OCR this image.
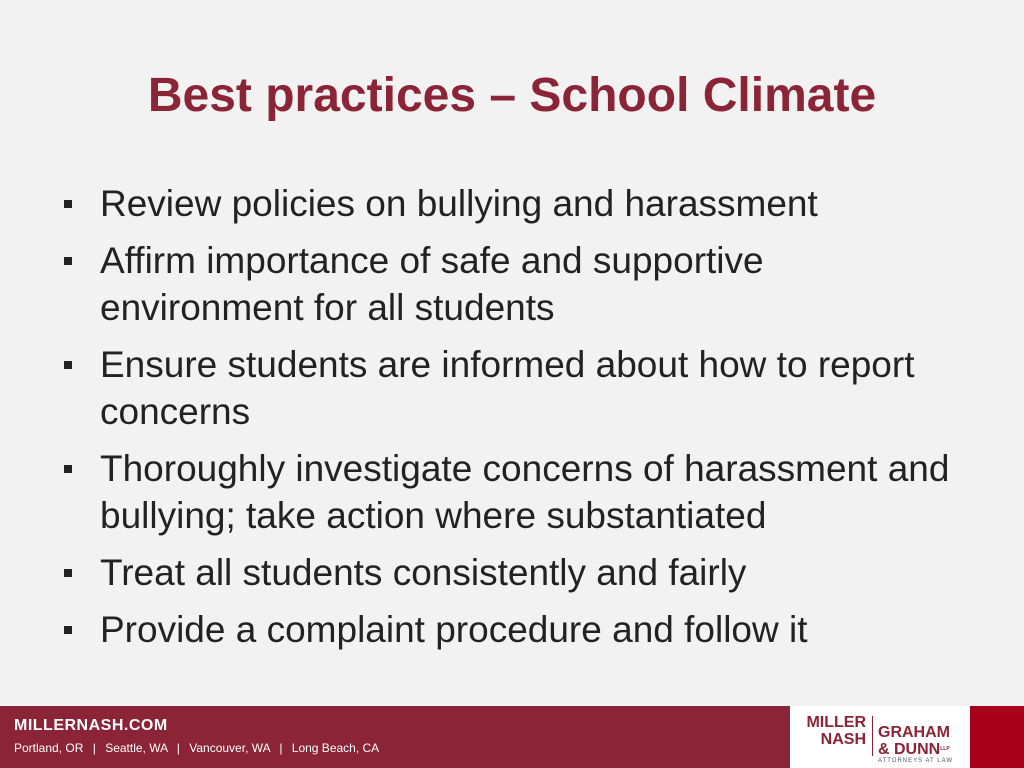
Best practices – School Climate
Review policies on bullying and harassment
Affirm importance of safe and supportive environment for all students
Ensure students are informed about how to report concerns
Thoroughly investigate concerns of harassment and bullying; take action where substantiated
Treat all students consistently and fairly
Provide a complaint procedure and follow it
MILLERNASH.COM
Portland, OR | Seattle, WA | Vancouver, WA | Long Beach, CA
MILLER
NASH GRAHAM
& $DUNN^{LLP}$
ATTORNEYS AT LAW
